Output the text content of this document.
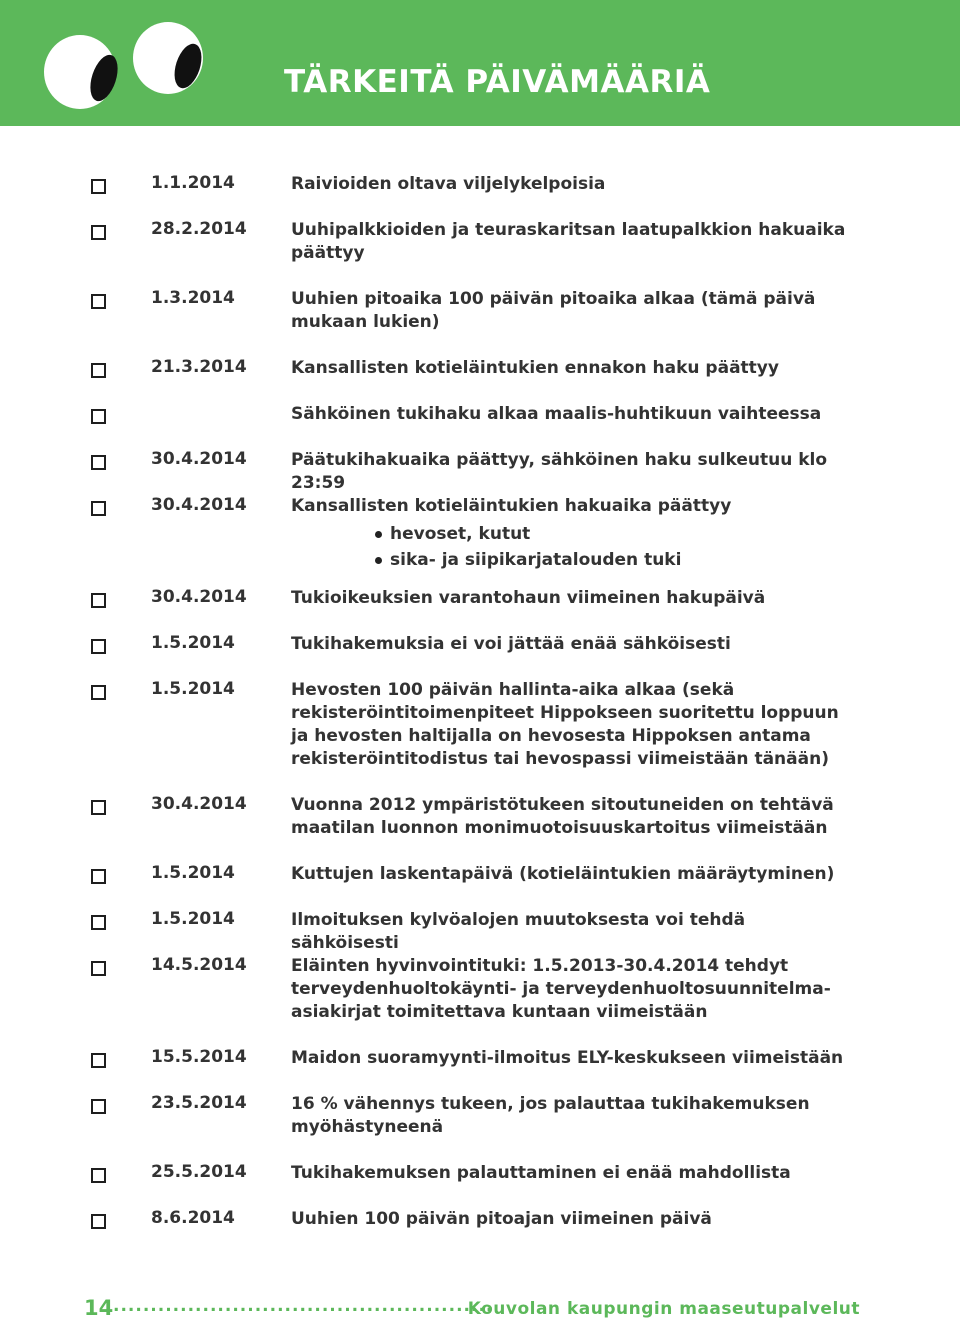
TÄRKEITÄ PÄIVÄMÄÄRIÄ
1.1.2014	Raivioiden oltava viljelykelpoisia
28.2.2014	Uuhipalkkioiden ja teuraskaritsan laatupalkkion hakuaika päättyy
1.3.2014	Uuhien pitoaika 100 päivän pitoaika alkaa (tämä päivä mukaan lukien)
21.3.2014	Kansallisten kotieläintukien ennakon haku päättyy
Sähköinen tukihaku alkaa maalis-huhtikuun vaihteessa
30.4.2014	Päätukihakuaika päättyy, sähköinen haku sulkeutuu klo 23:59
30.4.2014	Kansallisten kotieläintukien hakuaika päättyy
hevoset, kutut
sika- ja siipikarjatalouden tuki
30.4.2014	Tukioikeuksien varantohaun viimeinen hakupäivä
1.5.2014	Tukihakemuksia ei voi jättää enää sähköisesti
1.5.2014	Hevosten 100 päivän hallinta-aika alkaa (sekä rekisteröintitoimenpiteet Hippokseen suoritettu loppuun ja hevosten haltijalla on hevosesta Hippoksen antama rekisteröintitodistus tai hevospassi viimeistään tänään)
30.4.2014	Vuonna 2012 ympäristötukeen sitoutuneiden on tehtävä maatilan luonnon monimuotoisuuskartoitus viimeistään
1.5.2014	Kuttujen laskentapäivä (kotieläintukien määräytyminen)
1.5.2014	Ilmoituksen kylvöalojen muutoksesta voi tehdä sähköisesti
14.5.2014	Eläinten hyvinvointituki: 1.5.2013-30.4.2014 tehdyt terveydenhuoltokäynti- ja terveydenhuoltosuunnitelma-asiakirjat toimitettava kuntaan viimeistään
15.5.2014	Maidon suoramyynti-ilmoitus ELY-keskukseen viimeistään
23.5.2014	16 % vähennys tukeen, jos palauttaa tukihakemuksen myöhästyneenä
25.5.2014	Tukihakemuksen palauttaminen ei enää mahdollista
8.6.2014	Uuhien 100 päivän pitoajan viimeinen päivä
14 ...................................................
Kouvolan kaupungin maaseutupalvelut
